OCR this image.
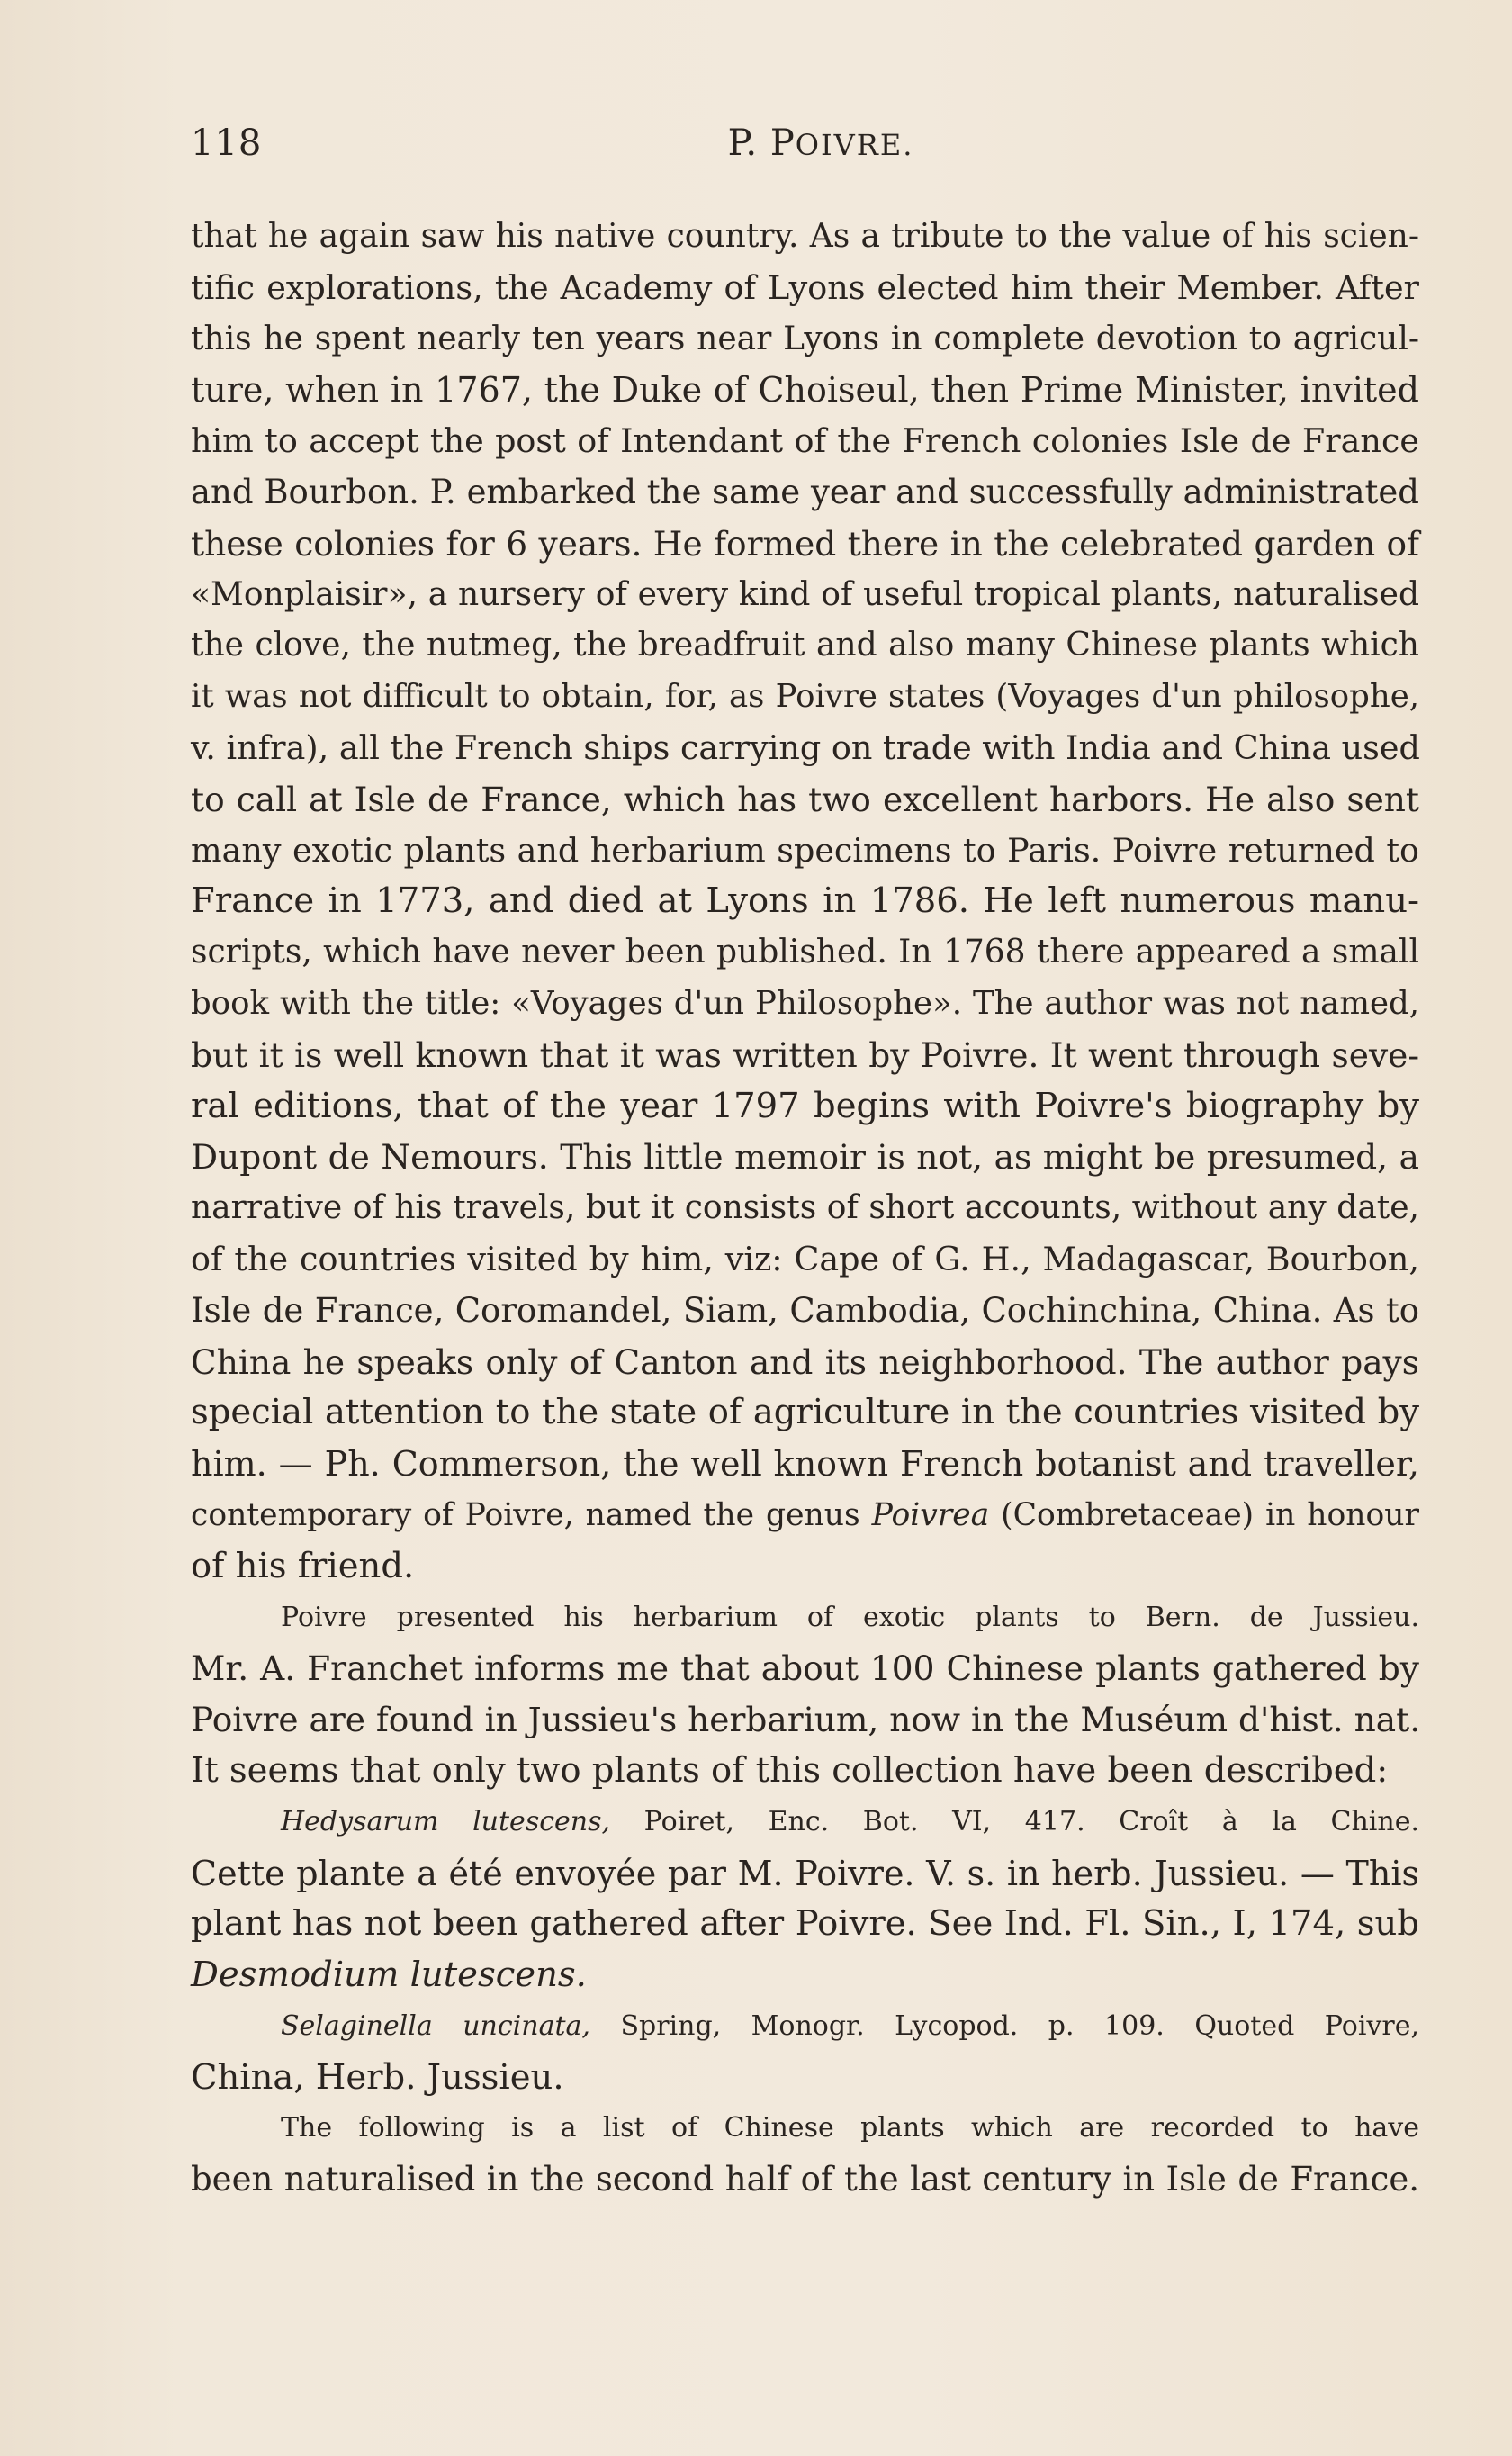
118	P. POIVRE.
that he again saw his native country. As a tribute to the value of his scien-
tific explorations, the Academy of Lyons elected him their Member. After
this he spent nearly ten years near Lyons in complete devotion to agricul-
ture, when in 1767, the Duke of Choiseul, then Prime Minister, invited
him to accept the post of Intendant of the French colonies Isle de France
and Bourbon. P. embarked the same year and successfully administrated
these colonies for 6 years. He formed there in the celebrated garden of
«Monplaisir», a nursery of every kind of useful tropical plants, naturalised
the clove, the nutmeg, the breadfruit and also many Chinese plants which
it was not difficult to obtain, for, as Poivre states (Voyages d'un philosophe,
v. infra), all the French ships carrying on trade with India and China used
to call at Isle de France, which has two excellent harbors. He also sent
many exotic plants and herbarium specimens to Paris. Poivre returned to
France in 1773, and died at Lyons in 1786. He left numerous manu-
scripts, which have never been published. In 1768 there appeared a small
book with the title: «Voyages d'un Philosophe». The author was not named,
but it is well known that it was written by Poivre. It went through seve-
ral editions, that of the year 1797 begins with Poivre's biography by
Dupont de Nemours. This little memoir is not, as might be presumed, a
narrative of his travels, but it consists of short accounts, without any date,
of the countries visited by him, viz: Cape of G. H., Madagascar, Bourbon,
Isle de France, Coromandel, Siam, Cambodia, Cochinchina, China. As to
China he speaks only of Canton and its neighborhood. The author pays
special attention to the state of agriculture in the countries visited by
him. — Ph. Commerson, the well known French botanist and traveller,
contemporary of Poivre, named the genus Poivrea (Combretaceae) in honour
of his friend.
Poivre presented his herbarium of exotic plants to Bern. de Jussieu.
Mr. A. Franchet informs me that about 100 Chinese plants gathered by
Poivre are found in Jussieu's herbarium, now in the Muséum d'hist. nat.
It seems that only two plants of this collection have been described:
Hedysarum lutescens, Poiret, Enc. Bot. VI, 417. Croît à la Chine.
Cette plante a été envoyée par M. Poivre. V. s. in herb. Jussieu. — This
plant has not been gathered after Poivre. See Ind. Fl. Sin., I, 174, sub
Desmodium lutescens.
Selaginella uncinata, Spring, Monogr. Lycopod. p. 109. Quoted Poivre,
China, Herb. Jussieu.
The following is a list of Chinese plants which are recorded to have
been naturalised in the second half of the last century in Isle de France.
